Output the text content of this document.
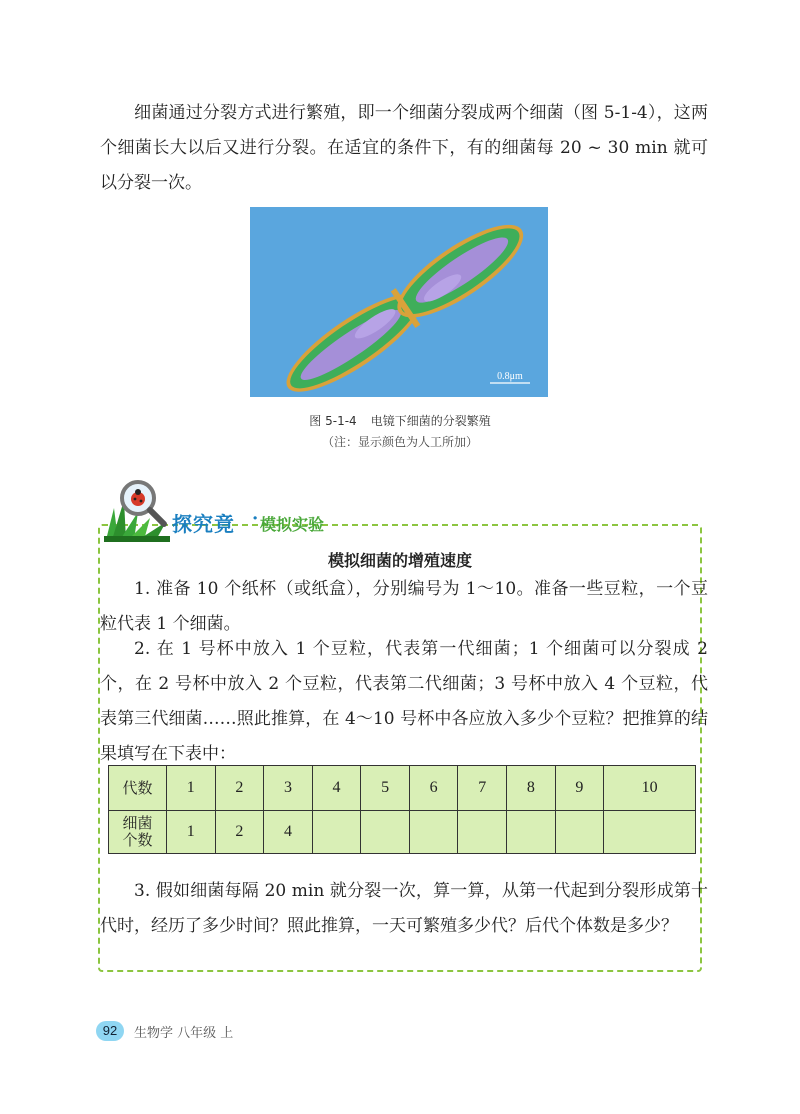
细菌通过分裂方式进行繁殖，即一个细菌分裂成两个细菌（图 5-1-4），这两个细菌长大以后又进行分裂。在适宜的条件下，有的细菌每 20 ~ 30 min 就可以分裂一次。

0.8μm
图 5-1-4 电镜下细菌的分裂繁殖
（注：显示颜色为人工所加）
探究竟 · 模拟实验
模拟细菌的增殖速度

1. 准备 10 个纸杯（或纸盒），分别编号为 1～10。准备一些豆粒，一个豆粒代表 1 个细菌。

2. 在 1 号杯中放入 1 个豆粒，代表第一代细菌；1 个细菌可以分裂成 2 个，在 2 号杯中放入 2 个豆粒，代表第二代细菌；3 号杯中放入 4 个豆粒，代表第三代细菌……照此推算，在 4～10 号杯中各应放入多少个豆粒？把推算的结果填写在下表中：

代数	1	2	3	4	5	6	7	8	9	10
细菌
个数	1	2	4							

3. 假如细菌每隔 20 min 就分裂一次，算一算，从第一代起到分裂形成第十代时，经历了多少时间？照此推算，一天可繁殖多少代？后代个体数是多少？

92	生物学 八年级 上
